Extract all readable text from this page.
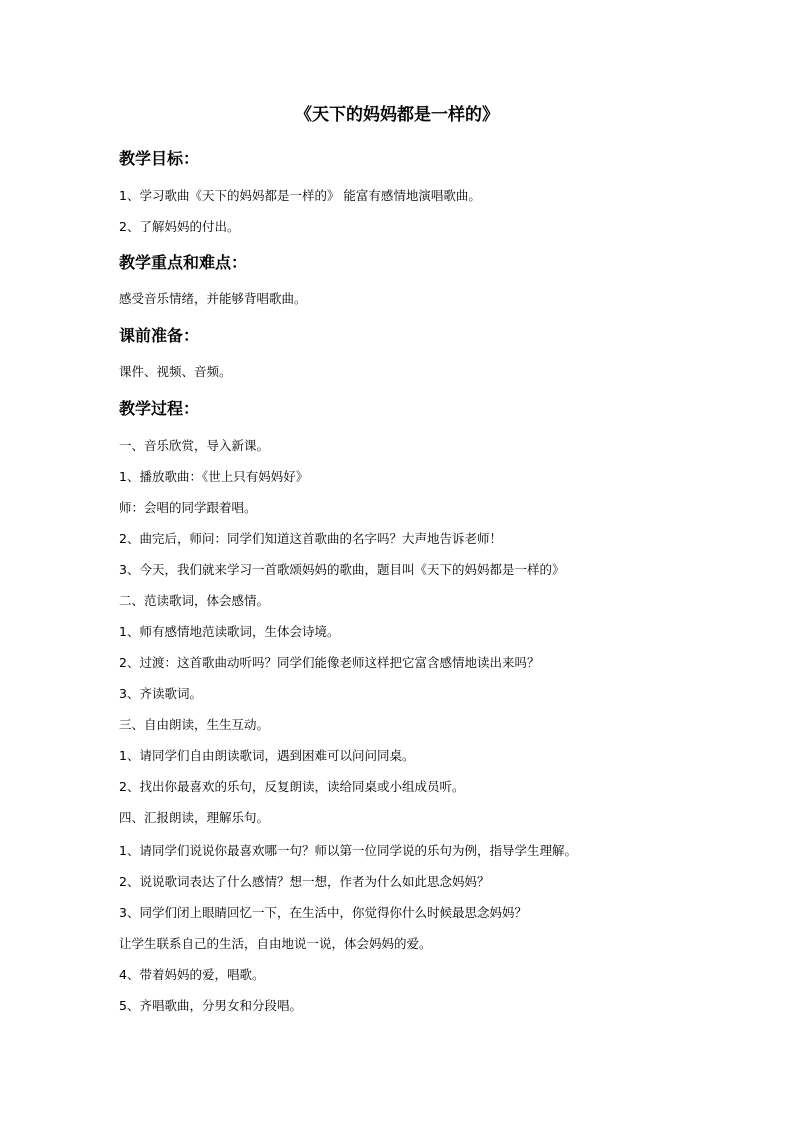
《天下的妈妈都是一样的》
教学目标：

1、学习歌曲《天下的妈妈都是一样的》 能富有感情地演唱歌曲。

2、了解妈妈的付出。

教学重点和难点：

感受音乐情绪，并能够背唱歌曲。

课前准备：

课件、视频、音频。

教学过程：

一、音乐欣赏，导入新课。

1、播放歌曲：《世上只有妈妈好》

师：会唱的同学跟着唱。

2、曲完后，师问：同学们知道这首歌曲的名字吗？大声地告诉老师！

3、今天，我们就来学习一首歌颂妈妈的歌曲，题目叫《天下的妈妈都是一样的》

二、范读歌词，体会感情。

1、师有感情地范读歌词，生体会诗境。

2、过渡：这首歌曲动听吗？同学们能像老师这样把它富含感情地读出来吗？

3、齐读歌词。

三、自由朗读，生生互动。

1、请同学们自由朗读歌词，遇到困难可以问问同桌。

2、找出你最喜欢的乐句，反复朗读，读给同桌或小组成员听。

四、汇报朗读，理解乐句。

1、请同学们说说你最喜欢哪一句？师以第一位同学说的乐句为例，指导学生理解。

2、说说歌词表达了什么感情？想一想，作者为什么如此思念妈妈？

3、同学们闭上眼睛回忆一下，在生活中，你觉得你什么时候最思念妈妈？

让学生联系自己的生活，自由地说一说，体会妈妈的爱。

4、带着妈妈的爱，唱歌。

5、齐唱歌曲，分男女和分段唱。
